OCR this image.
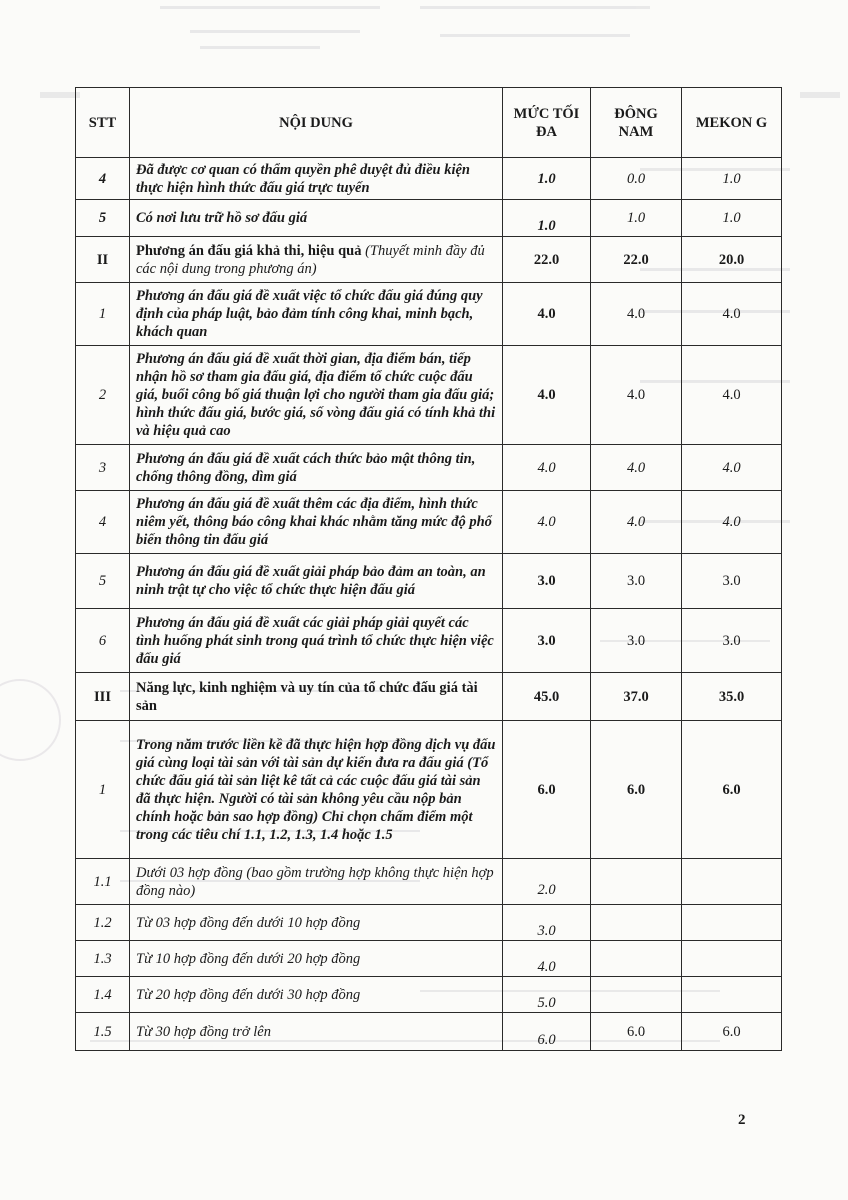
STT	NỘI DUNG	MỨC TỐI ĐA	ĐÔNG NAM	MEKON G
4	Đã được cơ quan có thẩm quyền phê duyệt đủ điều kiện thực hiện hình thức đấu giá trực tuyến	1.0	0.0	1.0
5	Có nơi lưu trữ hồ sơ đấu giá	1.0	1.0	1.0
II	Phương án đấu giá khả thi, hiệu quả (Thuyết minh đầy đủ các nội dung trong phương án)	22.0	22.0	20.0
1	Phương án đấu giá đề xuất việc tổ chức đấu giá đúng quy định của pháp luật, bảo đảm tính công khai, minh bạch, khách quan	4.0	4.0	4.0
2	Phương án đấu giá đề xuất thời gian, địa điểm bán, tiếp nhận hồ sơ tham gia đấu giá, địa điểm tổ chức cuộc đấu giá, buổi công bố giá thuận lợi cho người tham gia đấu giá; hình thức đấu giá, bước giá, số vòng đấu giá có tính khả thi và hiệu quả cao	4.0	4.0	4.0
3	Phương án đấu giá đề xuất cách thức bảo mật thông tin, chống thông đồng, dìm giá	4.0	4.0	4.0
4	Phương án đấu giá đề xuất thêm các địa điểm, hình thức niêm yết, thông báo công khai khác nhằm tăng mức độ phổ biến thông tin đấu giá	4.0	4.0	4.0
5	Phương án đấu giá đề xuất giải pháp bảo đảm an toàn, an ninh trật tự cho việc tổ chức thực hiện đấu giá	3.0	3.0	3.0
6	Phương án đấu giá đề xuất các giải pháp giải quyết các tình huống phát sinh trong quá trình tổ chức thực hiện việc đấu giá	3.0	3.0	3.0
III	Năng lực, kinh nghiệm và uy tín của tổ chức đấu giá tài sản	45.0	37.0	35.0
1	Trong năm trước liền kề đã thực hiện hợp đồng dịch vụ đấu giá cùng loại tài sản với tài sản dự kiến đưa ra đấu giá (Tổ chức đấu giá tài sản liệt kê tất cả các cuộc đấu giá tài sản đã thực hiện. Người có tài sản không yêu cầu nộp bản chính hoặc bản sao hợp đồng) Chỉ chọn chấm điểm một trong các tiêu chí 1.1, 1.2, 1.3, 1.4 hoặc 1.5	6.0	6.0	6.0
1.1	Dưới 03 hợp đồng (bao gồm trường hợp không thực hiện hợp đồng nào)	2.0		
1.2	Từ 03 hợp đồng đến dưới 10 hợp đồng	3.0		
1.3	Từ 10 hợp đồng đến dưới 20 hợp đồng	4.0		
1.4	Từ 20 hợp đồng đến dưới 30 hợp đồng	5.0		
1.5	Từ 30 hợp đồng trở lên	6.0	6.0	6.0
2
